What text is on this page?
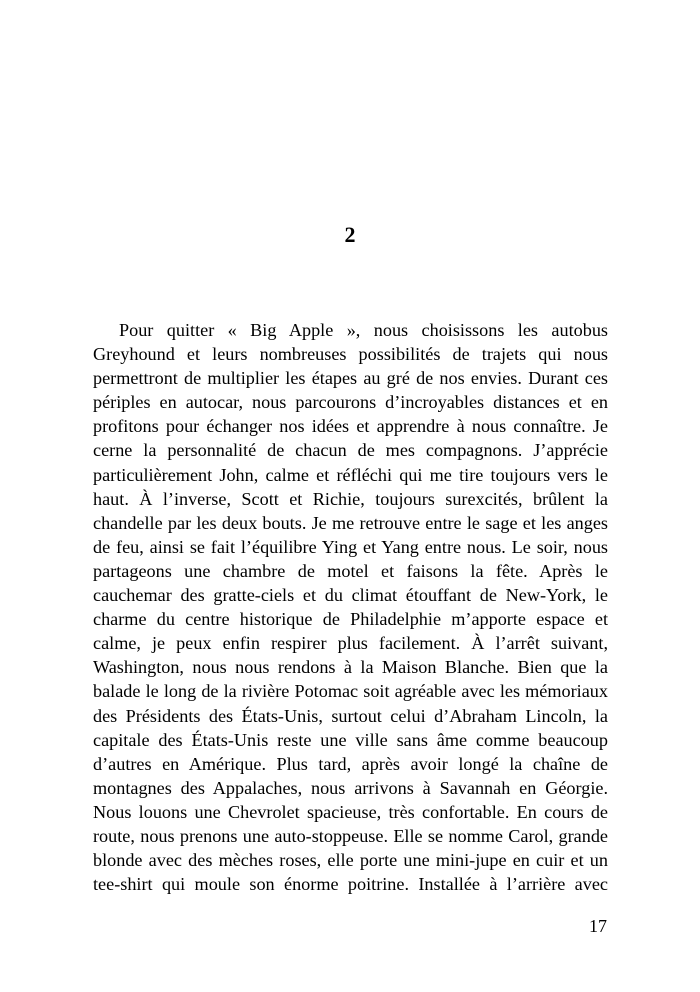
2
Pour quitter « Big Apple », nous choisissons les autobus
Greyhound et leurs nombreuses possibilités de trajets qui nous
permettront de multiplier les étapes au gré de nos envies. Durant ces
périples en autocar, nous parcourons d’incroyables distances et en
profitons pour échanger nos idées et apprendre à nous connaître. Je
cerne la personnalité de chacun de mes compagnons. J’apprécie
particulièrement John, calme et réfléchi qui me tire toujours vers le
haut. À l’inverse, Scott et Richie, toujours surexcités, brûlent la
chandelle par les deux bouts. Je me retrouve entre le sage et les anges
de feu, ainsi se fait l’équilibre Ying et Yang entre nous. Le soir, nous
partageons une chambre de motel et faisons la fête. Après le
cauchemar des gratte-ciels et du climat étouffant de New-York, le
charme du centre historique de Philadelphie m’apporte espace et
calme, je peux enfin respirer plus facilement. À l’arrêt suivant,
Washington, nous nous rendons à la Maison Blanche. Bien que la
balade le long de la rivière Potomac soit agréable avec les mémoriaux
des Présidents des États-Unis, surtout celui d’Abraham Lincoln, la
capitale des États-Unis reste une ville sans âme comme beaucoup
d’autres en Amérique. Plus tard, après avoir longé la chaîne de
montagnes des Appalaches, nous arrivons à Savannah en Géorgie.
Nous louons une Chevrolet spacieuse, très confortable. En cours de
route, nous prenons une auto-stoppeuse. Elle se nomme Carol, grande
blonde avec des mèches roses, elle porte une mini-jupe en cuir et un
tee-shirt qui moule son énorme poitrine. Installée à l’arrière avec
17
